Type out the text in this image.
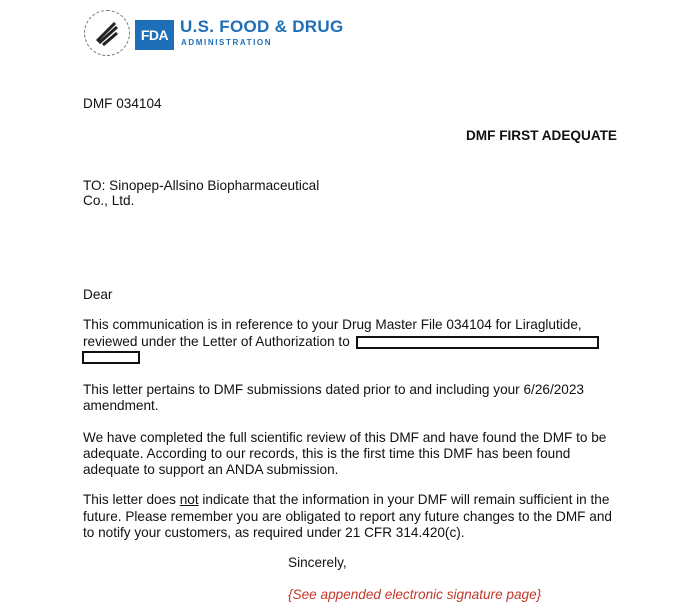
FDA U.S. FOOD & DRUG
ADMINISTRATION
DMF 034104
DMF FIRST ADEQUATE
TO: Sinopep-Allsino Biopharmaceutical
Co., Ltd.
Dear
This communication is in reference to your Drug Master File 034104 for Liraglutide,
reviewed under the Letter of Authorization to
This letter pertains to DMF submissions dated prior to and including your 6/26/2023
amendment.
We have completed the full scientific review of this DMF and have found the DMF to be
adequate. According to our records, this is the first time this DMF has been found
adequate to support an ANDA submission.
This letter does not indicate that the information in your DMF will remain sufficient in the
future. Please remember you are obligated to report any future changes to the DMF and
to notify your customers, as required under 21 CFR 314.420(c).
Sincerely,
{See appended electronic signature page}
